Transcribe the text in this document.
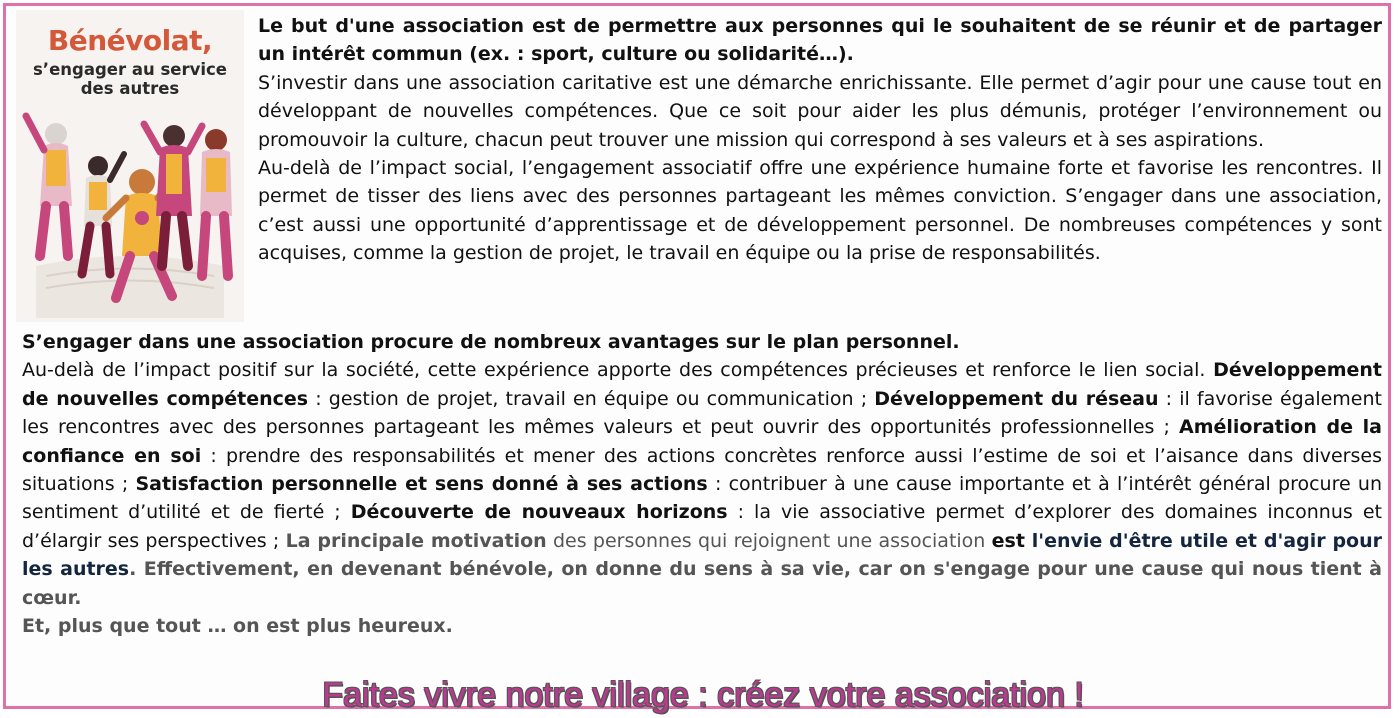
Bénévolat,
s’engager au service
des autres
Le but d'une association est de permettre aux personnes qui le souhaitent de se réunir et de partager un intérêt commun (ex. : sport, culture ou solidarité…).
S’investir dans une association caritative est une démarche enrichissante. Elle permet d’agir pour une cause tout en développant de nouvelles compétences. Que ce soit pour aider les plus démunis, protéger l’environnement ou promouvoir la culture, chacun peut trouver une mission qui correspond à ses valeurs et à ses aspirations.
Au-delà de l’impact social, l’engagement associatif offre une expérience humaine forte et favorise les rencontres. Il permet de tisser des liens avec des personnes partageant les mêmes conviction. S’engager dans une association, c’est aussi une opportunité d’apprentissage et de développement personnel. De nombreuses compétences y sont acquises, comme la gestion de projet, le travail en équipe ou la prise de responsabilités.
S’engager dans une association procure de nombreux avantages sur le plan personnel.
Au-delà de l’impact positif sur la société, cette expérience apporte des compétences précieuses et renforce le lien social. Développement de nouvelles compétences : gestion de projet, travail en équipe ou communication ; Développement du réseau : il favorise également les rencontres avec des personnes partageant les mêmes valeurs et peut ouvrir des opportunités professionnelles ; Amélioration de la confiance en soi : prendre des responsabilités et mener des actions concrètes renforce aussi l’estime de soi et l’aisance dans diverses situations ; Satisfaction personnelle et sens donné à ses actions : contribuer à une cause importante et à l’intérêt général procure un sentiment d’utilité et de fierté ; Découverte de nouveaux horizons : la vie associative permet d’explorer des domaines inconnus et d’élargir ses perspectives ; La principale motivation des personnes qui rejoignent une association est l'envie d'être utile et d'agir pour les autres. Effectivement, en devenant bénévole, on donne du sens à sa vie, car on s'engage pour une cause qui nous tient à cœur.
Et, plus que tout … on est plus heureux.
Faites vivre notre village : créez votre association !
